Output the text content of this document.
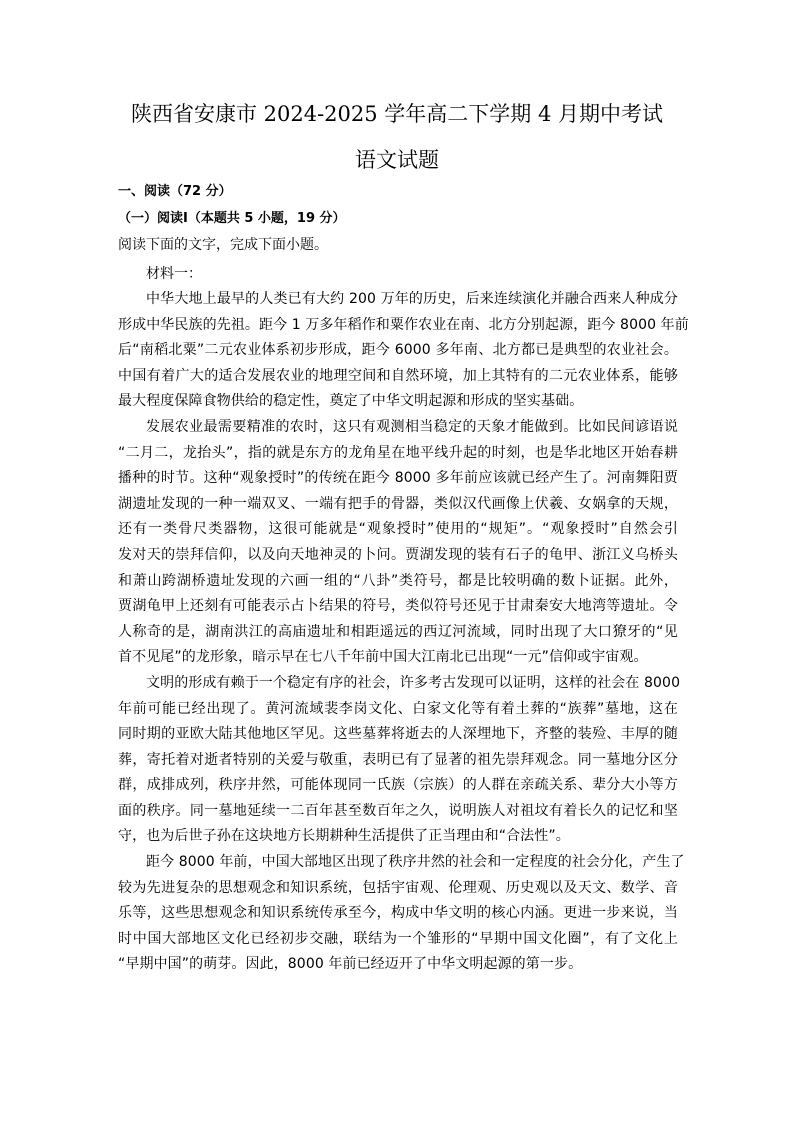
陕西省安康市 2024-2025 学年高二下学期 4 月期中考试
语文试题
一、阅读（72 分）
（一）阅读Ⅰ（本题共 5 小题，19 分）
阅读下面的文字，完成下面小题。
材料一：
中华大地上最早的人类已有大约 200 万年的历史，后来连续演化并融合西来人种成分
形成中华民族的先祖。距今 1 万多年稻作和粟作农业在南、北方分别起源，距今 8000 年前
后“南稻北粟”二元农业体系初步形成，距今 6000 多年南、北方都已是典型的农业社会。
中国有着广大的适合发展农业的地理空间和自然环境，加上其特有的二元农业体系，能够
最大程度保障食物供给的稳定性，奠定了中华文明起源和形成的坚实基础。
发展农业最需要精准的农时，这只有观测相当稳定的天象才能做到。比如民间谚语说
“二月二，龙抬头”，指的就是东方的龙角星在地平线升起的时刻，也是华北地区开始春耕
播种的时节。这种“观象授时”的传统在距今 8000 多年前应该就已经产生了。河南舞阳贾
湖遗址发现的一种一端双叉、一端有把手的骨器，类似汉代画像上伏羲、女娲拿的天规，
还有一类骨尺类器物，这很可能就是“观象授时”使用的“规矩”。“观象授时”自然会引
发对天的崇拜信仰，以及向天地神灵的卜问。贾湖发现的装有石子的龟甲、浙江义乌桥头
和萧山跨湖桥遗址发现的六画一组的“八卦”类符号，都是比较明确的数卜证据。此外，
贾湖龟甲上还刻有可能表示占卜结果的符号，类似符号还见于甘肃秦安大地湾等遗址。令
人称奇的是，湖南洪江的高庙遗址和相距遥远的西辽河流域，同时出现了大口獠牙的“见
首不见尾”的龙形象，暗示早在七八千年前中国大江南北已出现“一元”信仰或宇宙观。
文明的形成有赖于一个稳定有序的社会，许多考古发现可以证明，这样的社会在 8000
年前可能已经出现了。黄河流域裴李岗文化、白家文化等有着土葬的“族葬”墓地，这在
同时期的亚欧大陆其他地区罕见。这些墓葬将逝去的人深埋地下，齐整的装殓、丰厚的随
葬，寄托着对逝者特别的关爱与敬重，表明已有了显著的祖先崇拜观念。同一墓地分区分
群，成排成列，秩序井然，可能体现同一氏族（宗族）的人群在亲疏关系、辈分大小等方
面的秩序。同一墓地延续一二百年甚至数百年之久，说明族人对祖坟有着长久的记忆和坚
守，也为后世子孙在这块地方长期耕种生活提供了正当理由和“合法性”。
距今 8000 年前，中国大部地区出现了秩序井然的社会和一定程度的社会分化，产生了
较为先进复杂的思想观念和知识系统，包括宇宙观、伦理观、历史观以及天文、数学、音
乐等，这些思想观念和知识系统传承至今，构成中华文明的核心内涵。更进一步来说，当
时中国大部地区文化已经初步交融，联结为一个雏形的“早期中国文化圈”，有了文化上
“早期中国”的萌芽。因此，8000 年前已经迈开了中华文明起源的第一步。
